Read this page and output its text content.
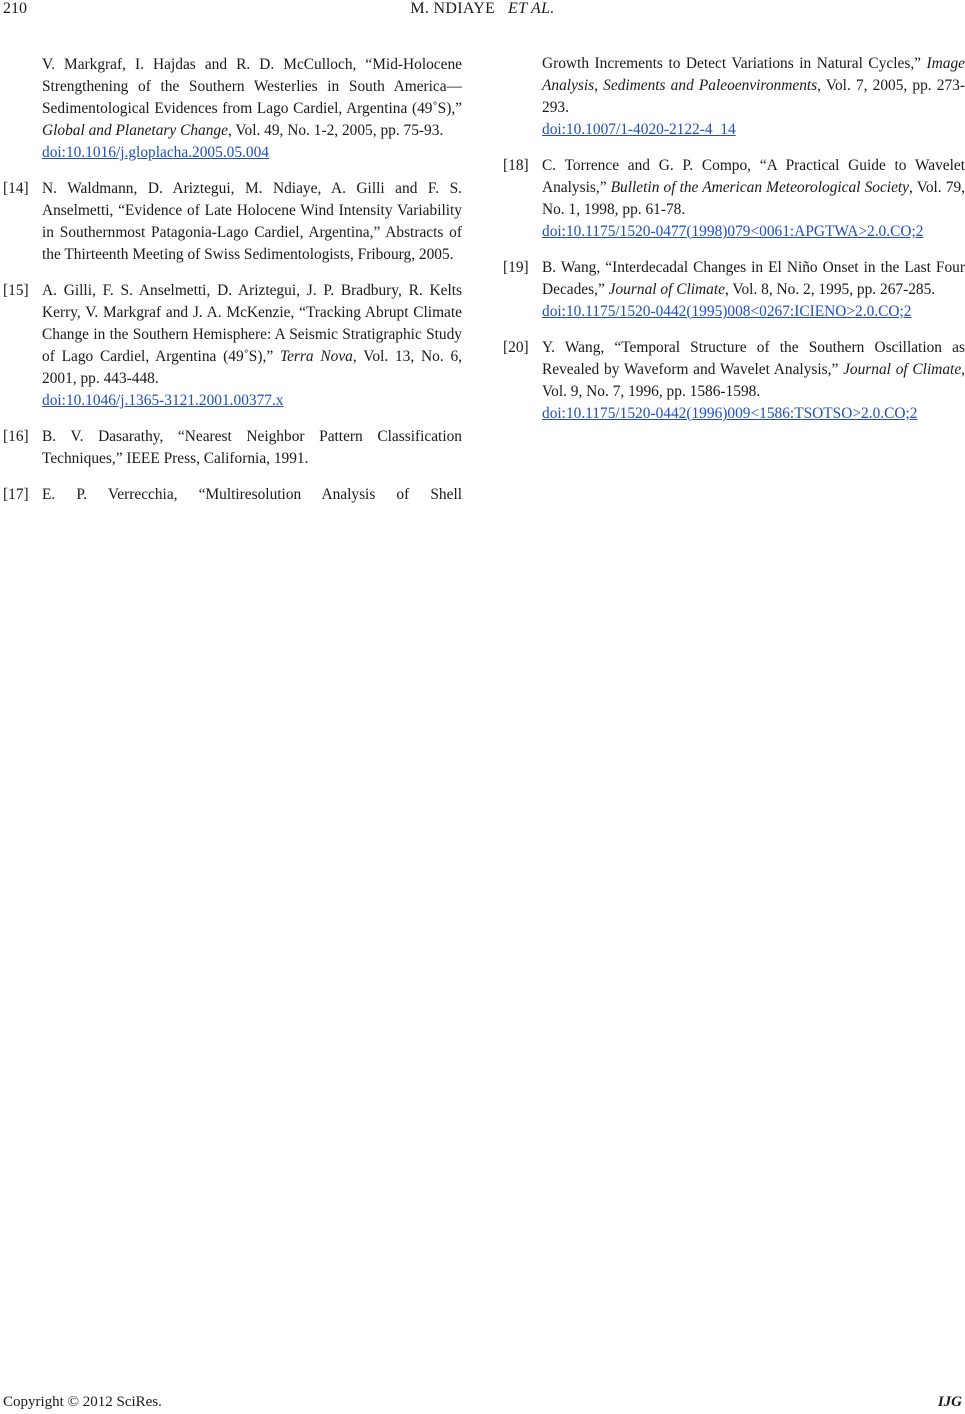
210	M. NDIAYE ET AL.
V. Markgraf, I. Hajdas and R. D. McCulloch, “Mid-Holocene Strengthening of the Southern Westerlies in South America—Sedimentological Evidences from Lago Cardiel, Argentina (49˚S),” Global and Planetary Change, Vol. 49, No. 1-2, 2005, pp. 75-93.
doi:10.1016/j.gloplacha.2005.05.004
[14] N. Waldmann, D. Ariztegui, M. Ndiaye, A. Gilli and F. S. Anselmetti, “Evidence of Late Holocene Wind Intensity Variability in Southernmost Patagonia-Lago Cardiel, Argentina,” Abstracts of the Thirteenth Meeting of Swiss Sedimentologists, Fribourg, 2005.
[15] A. Gilli, F. S. Anselmetti, D. Ariztegui, J. P. Bradbury, R. Kelts Kerry, V. Markgraf and J. A. McKenzie, “Tracking Abrupt Climate Change in the Southern Hemisphere: A Seismic Stratigraphic Study of Lago Cardiel, Argentina (49˚S),” Terra Nova, Vol. 13, No. 6, 2001, pp. 443-448.
doi:10.1046/j.1365-3121.2001.00377.x
[16] B. V. Dasarathy, “Nearest Neighbor Pattern Classification Techniques,” IEEE Press, California, 1991.
[17] E. P. Verrecchia, “Multiresolution Analysis of Shell
Growth Increments to Detect Variations in Natural Cycles,” Image Analysis, Sediments and Paleoenvironments, Vol. 7, 2005, pp. 273-293.
doi:10.1007/1-4020-2122-4_14
[18] C. Torrence and G. P. Compo, “A Practical Guide to Wavelet Analysis,” Bulletin of the American Meteorological Society, Vol. 79, No. 1, 1998, pp. 61-78.
doi:10.1175/1520-0477(1998)079<0061:APGTWA>2.0.CO;2
[19] B. Wang, “Interdecadal Changes in El Niño Onset in the Last Four Decades,” Journal of Climate, Vol. 8, No. 2, 1995, pp. 267-285.
doi:10.1175/1520-0442(1995)008<0267:ICIENO>2.0.CO;2
[20] Y. Wang, “Temporal Structure of the Southern Oscillation as Revealed by Waveform and Wavelet Analysis,” Journal of Climate, Vol. 9, No. 7, 1996, pp. 1586-1598.
doi:10.1175/1520-0442(1996)009<1586:TSOTSO>2.0.CO;2
Copyright © 2012 SciRes.	IJG
